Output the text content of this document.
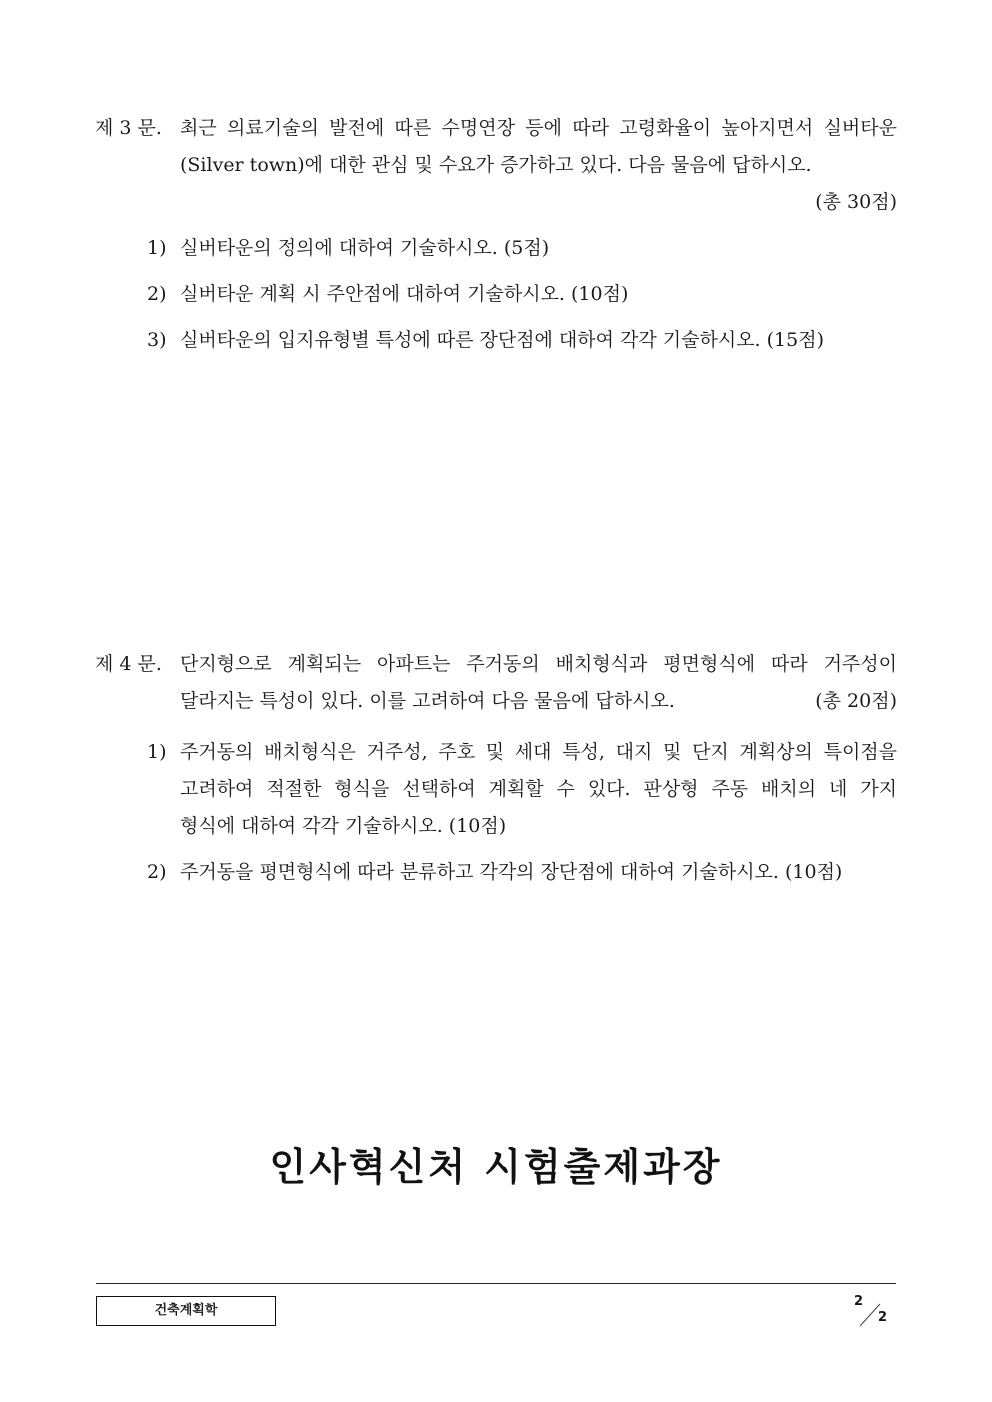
제 3 문. 최근 의료기술의 발전에 따른 수명연장 등에 따라 고령화율이 높아지면서 실버타운
(Silver town)에 대한 관심 및 수요가 증가하고 있다. 다음 물음에 답하시오.
(총 30점)
1) 실버타운의 정의에 대하여 기술하시오. (5점)
2) 실버타운 계획 시 주안점에 대하여 기술하시오. (10점)
3) 실버타운의 입지유형별 특성에 따른 장단점에 대하여 각각 기술하시오. (15점)
제 4 문. 단지형으로 계획되는 아파트는 주거동의 배치형식과 평면형식에 따라 거주성이
달라지는 특성이 있다. 이를 고려하여 다음 물음에 답하시오.	(총 20점)
1) 주거동의 배치형식은 거주성, 주호 및 세대 특성, 대지 및 단지 계획상의 특이점을
고려하여 적절한 형식을 선택하여 계획할 수 있다. 판상형 주동 배치의 네 가지
형식에 대하여 각각 기술하시오. (10점)
2) 주거동을 평면형식에 따라 분류하고 각각의 장단점에 대하여 기술하시오. (10점)
인사혁신처 시험출제과장
건축계획학
2
2
